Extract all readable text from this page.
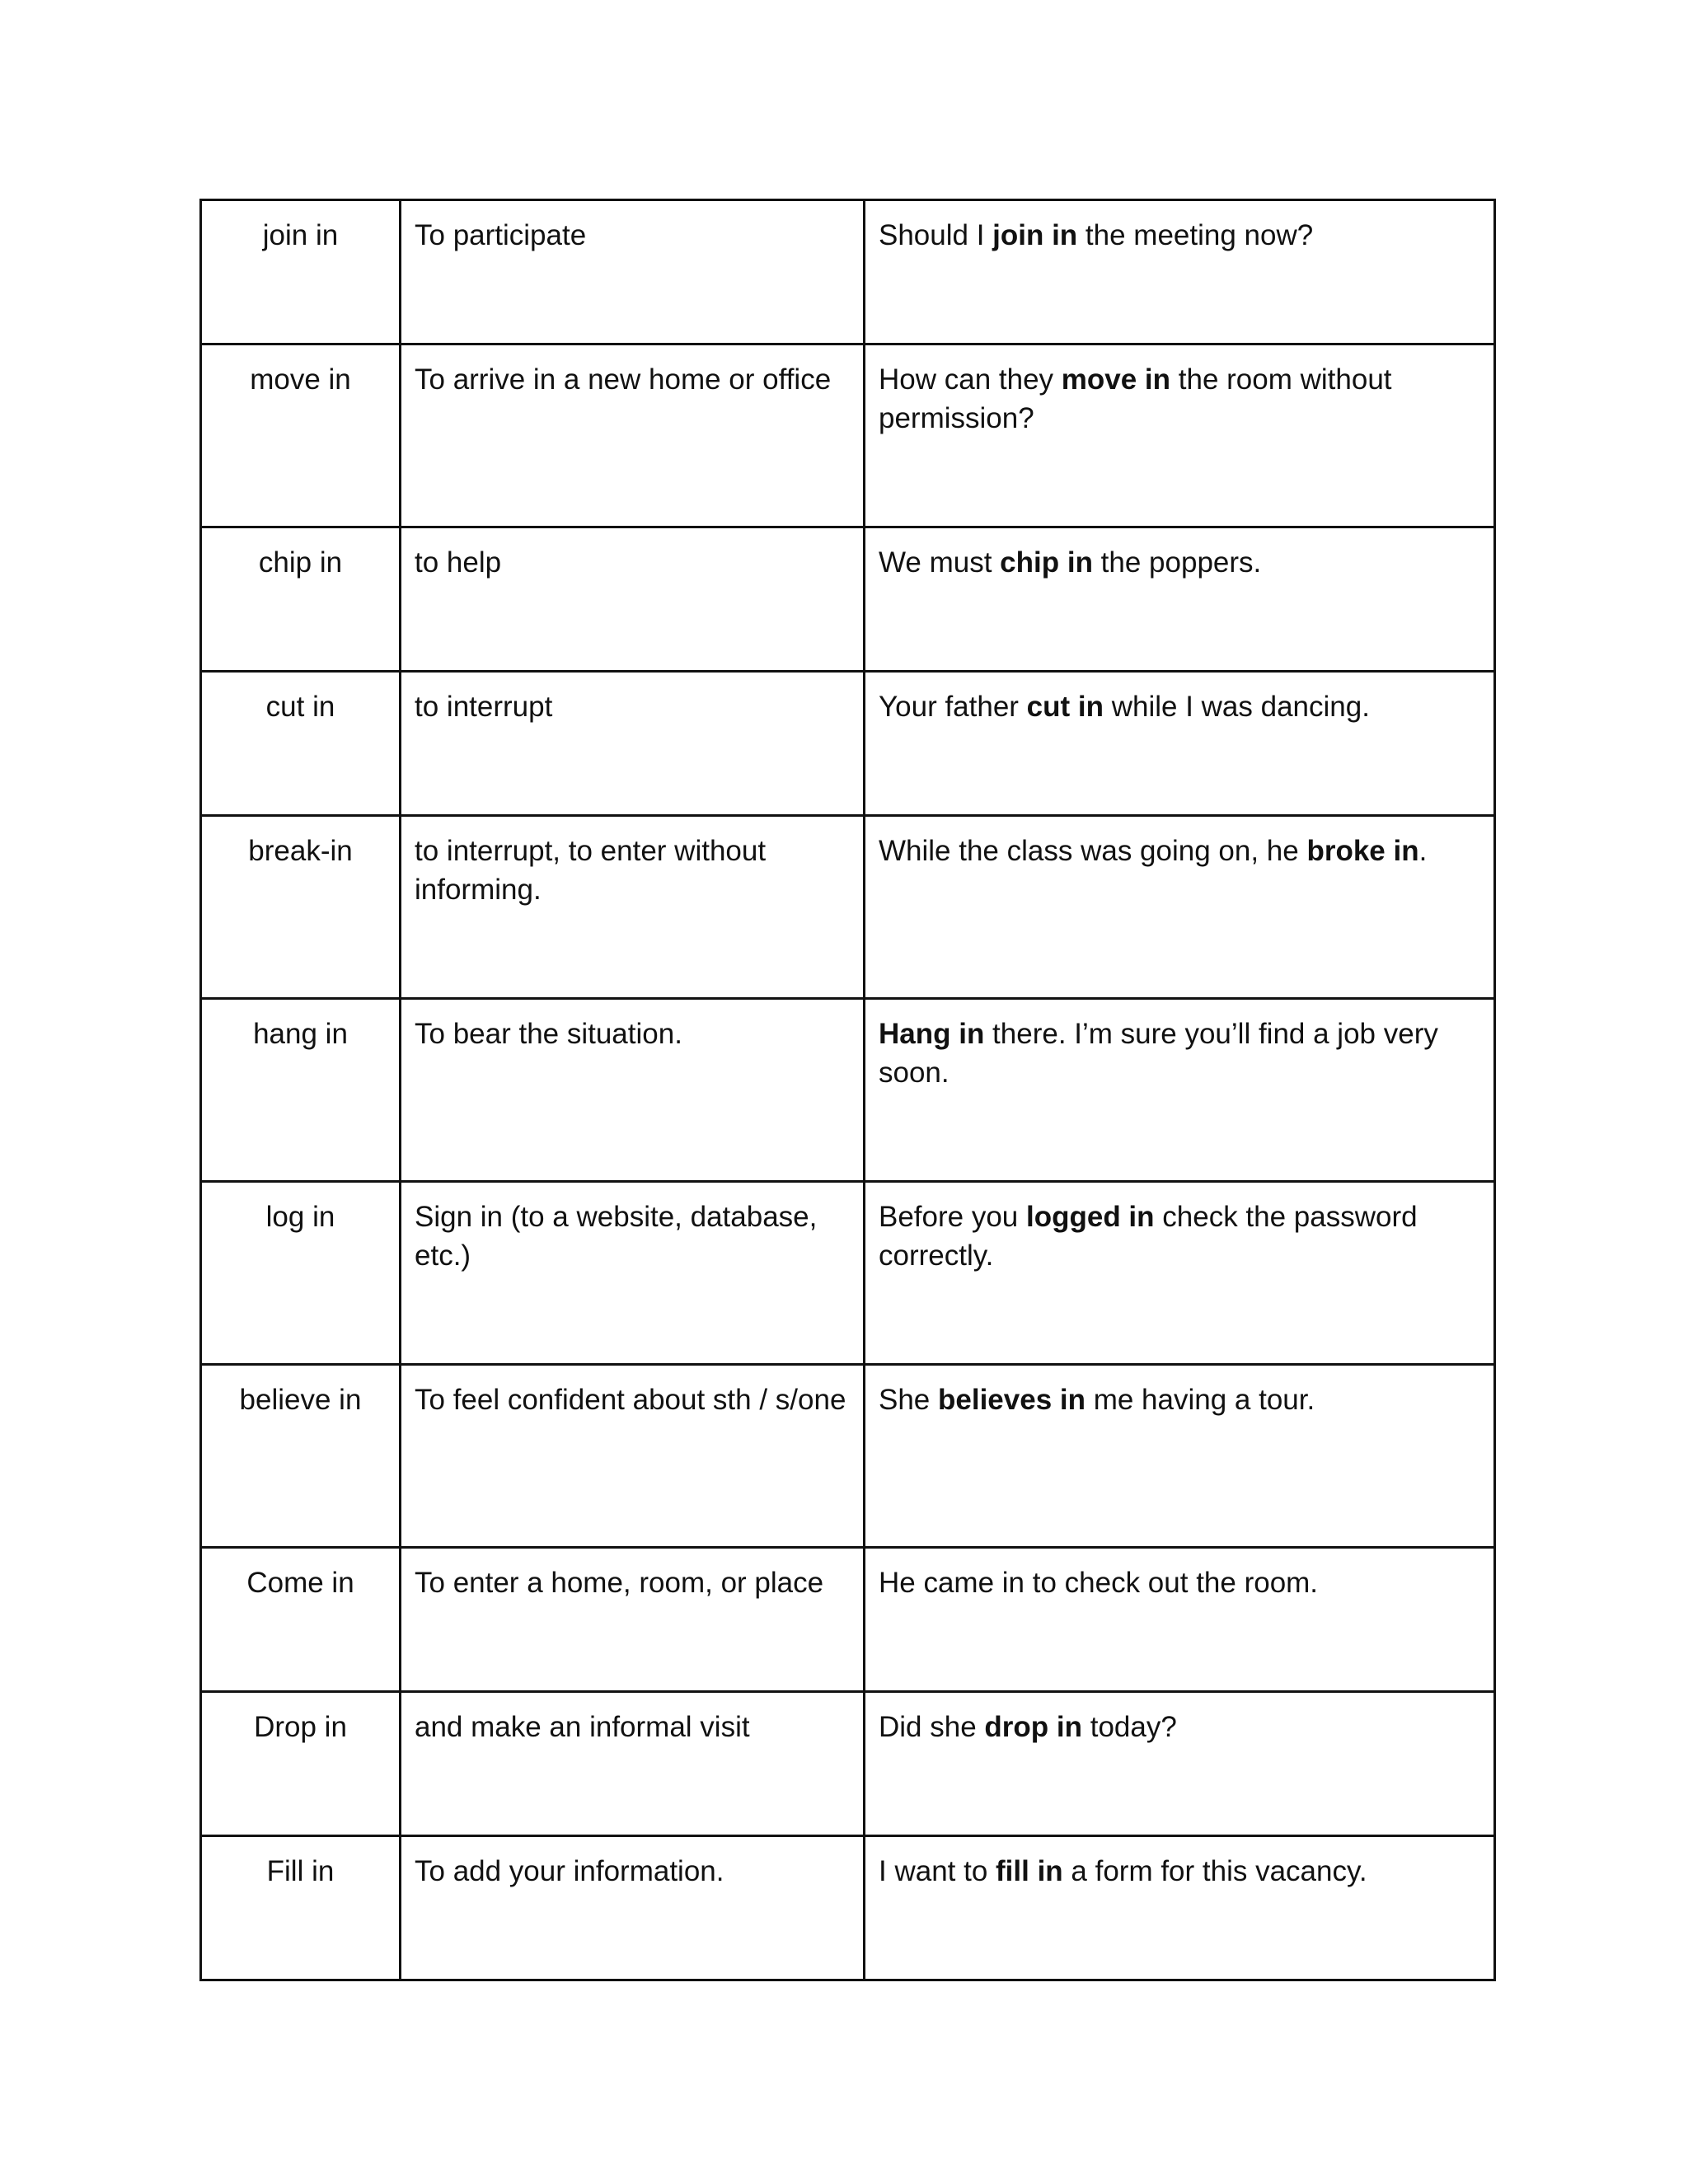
join in	To participate	Should I join in the meeting now?
move in	To arrive in a new home or office	How can they move in the room without permission?
chip in	to help	We must chip in the poppers.
cut in	to interrupt	Your father cut in while I was dancing.
break-in	to interrupt, to enter without informing.	While the class was going on, he broke in.
hang in	To bear the situation.	Hang in there. I’m sure you’ll find a job very soon.
log in	Sign in (to a website, database, etc.)	Before you logged in check the password correctly.
believe in	To feel confident about sth / s/one	She believes in me having a tour.
Come in	To enter a home, room, or place	He came in to check out the room.
Drop in	and make an informal visit	Did she drop in today?
Fill in	To add your information.	I want to fill in a form for this vacancy.
